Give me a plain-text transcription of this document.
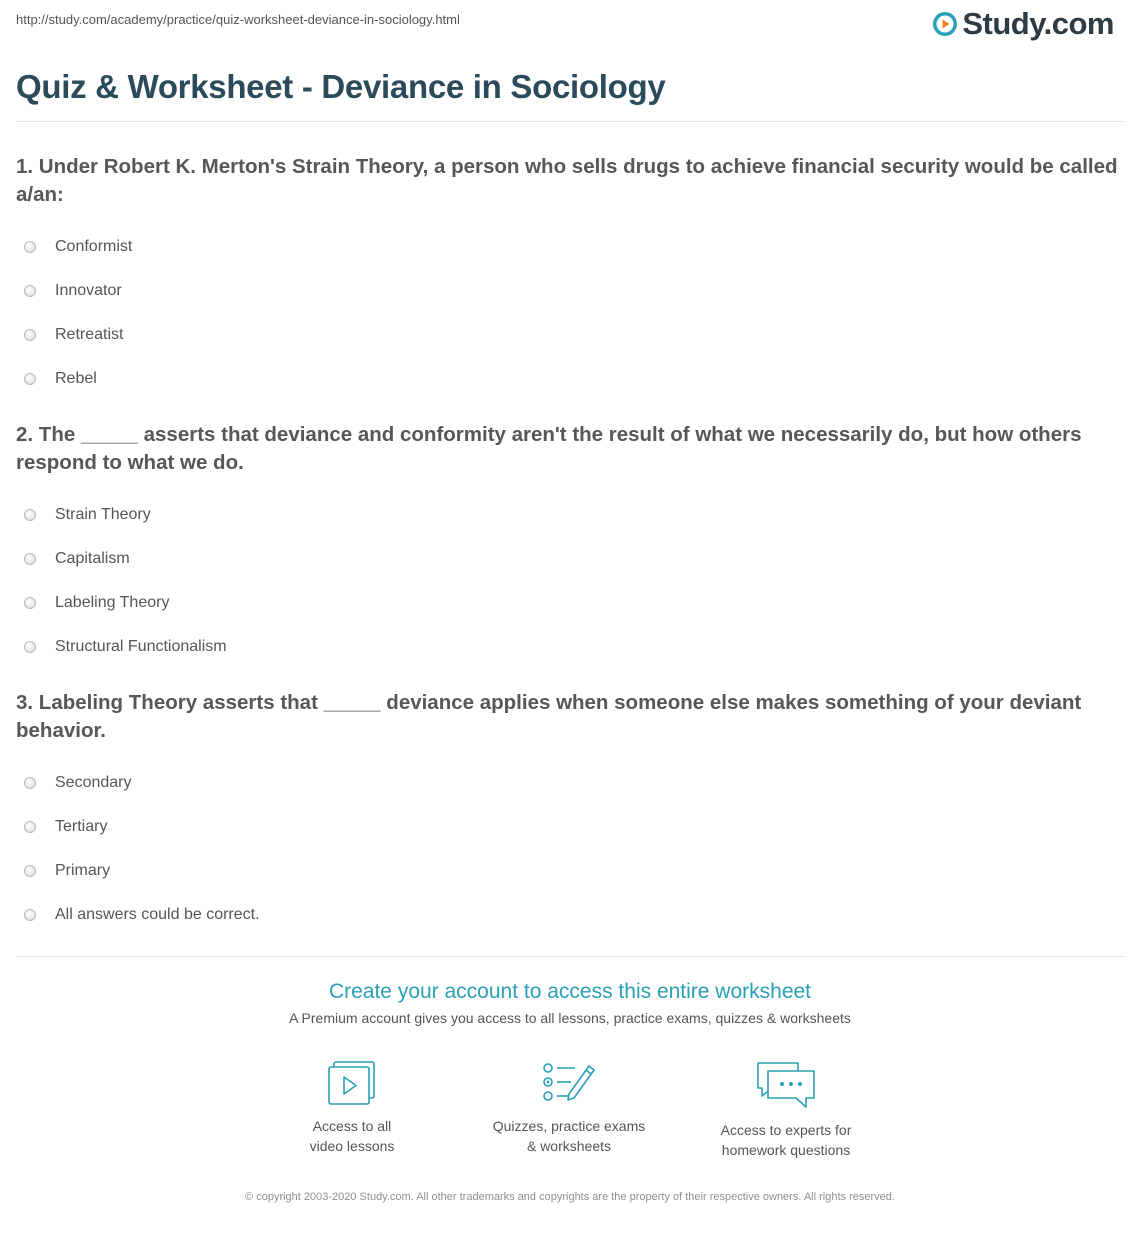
http://study.com/academy/practice/quiz-worksheet-deviance-in-sociology.html	Study.com
Quiz & Worksheet - Deviance in Sociology

1. Under Robert K. Merton's Strain Theory, a person who sells drugs to achieve financial security would be called a/an:

Conformist
Innovator
Retreatist
Rebel

2. The _____ asserts that deviance and conformity aren't the result of what we necessarily do, but how others respond to what we do.

Strain Theory
Capitalism
Labeling Theory
Structural Functionalism

3. Labeling Theory asserts that _____ deviance applies when someone else makes something of your deviant behavior.

Secondary
Tertiary
Primary
All answers could be correct.
Create your account to access this entire worksheet

A Premium account gives you access to all lessons, practice exams, quizzes & worksheets

Access to all
video lessons
Quizzes, practice exams
& worksheets
Access to experts for
homework questions
© copyright 2003-2020 Study.com. All other trademarks and copyrights are the property of their respective owners. All rights reserved.
